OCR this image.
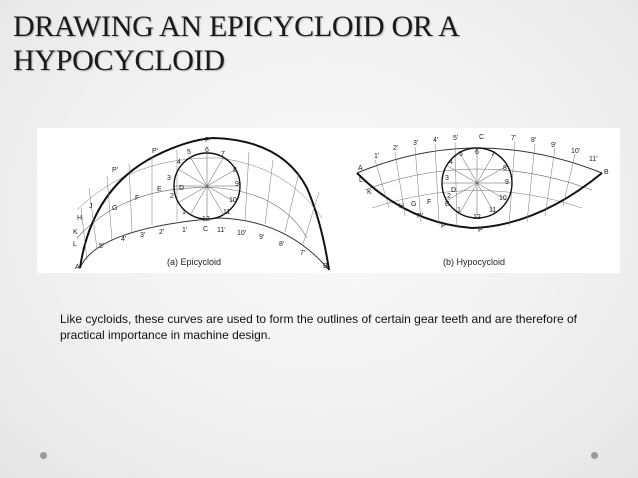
DRAWING AN EPICYCLOID OR A HYPOCYCLOID
P
P'
P'
5 6
7
4
8
3
9
D
2
10
1	11
12
C
E
F
G
J
H
K
L
A
5'
4'
3' 2'	1'	11' 10'
9'
8'
7'
B
(a) Epicycloid
A
1'
2'
3' 4' 5'	C	7' 8'
9'
10'
11'
B
5 6 7
4
8
3
9
D
2	10
1	11
12
P
P'
P'
E
F
G
H
K
L
(b) Hypocycloid
Like cycloids, these curves are used to form the outlines of certain gear teeth and are therefore of practical importance in machine design.
